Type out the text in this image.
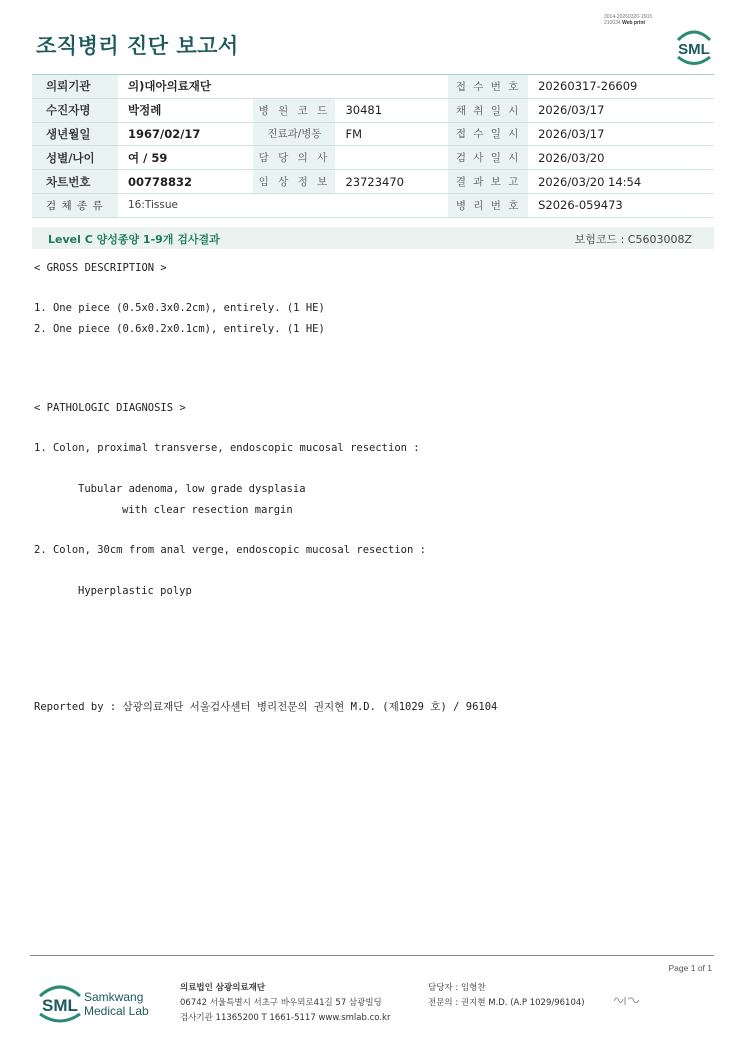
3014-20260320-1503
210034 Web print
조직병리 진단 보고서	SML
의뢰기관	의)대아의료재단			접 수 번 호	20260317-26609
수진자명	박정례	병 원 코 드	30481	채 취 일 시	2026/03/17
생년월일	1967/02/17	진료과/병동	FM	접 수 일 시	2026/03/17
성별/나이	여 / 59	담 당 의 사		검 사 일 시	2026/03/20
차트번호	00778832	임 상 정 보	23723470	결 과 보 고	2026/03/20 14:54
검 체 종 류	16:Tissue			병 리 번 호	S2026-059473
Level C 양성종양 1-9개 검사결과	보험코드 : C5603008Z
< GROSS DESCRIPTION >
1. One piece (0.5x0.3x0.2cm), entirely. (1 HE)
2. One piece (0.6x0.2x0.1cm), entirely. (1 HE)
< PATHOLOGIC DIAGNOSIS >
1. Colon, proximal transverse, endoscopic mucosal resection :
Tubular adenoma, low grade dysplasia
with clear resection margin
2. Colon, 30cm from anal verge, endoscopic mucosal resection :
Hyperplastic polyp
Reported by : 삼광의료재단 서울검사센터 병리전문의 권지현 M.D. (제1029 호) / 96104
Page 1 of 1
SML Samkwang
Medical Lab
의료법인 삼광의료재단
06742 서울특별시 서초구 바우뫼로41길 57 삼광빌딩
검사기관 11365200 T 1661-5117 www.smlab.co.kr
담당자 : 임형찬
전문의 : 권지현 M.D. (A.P 1029/96104)
